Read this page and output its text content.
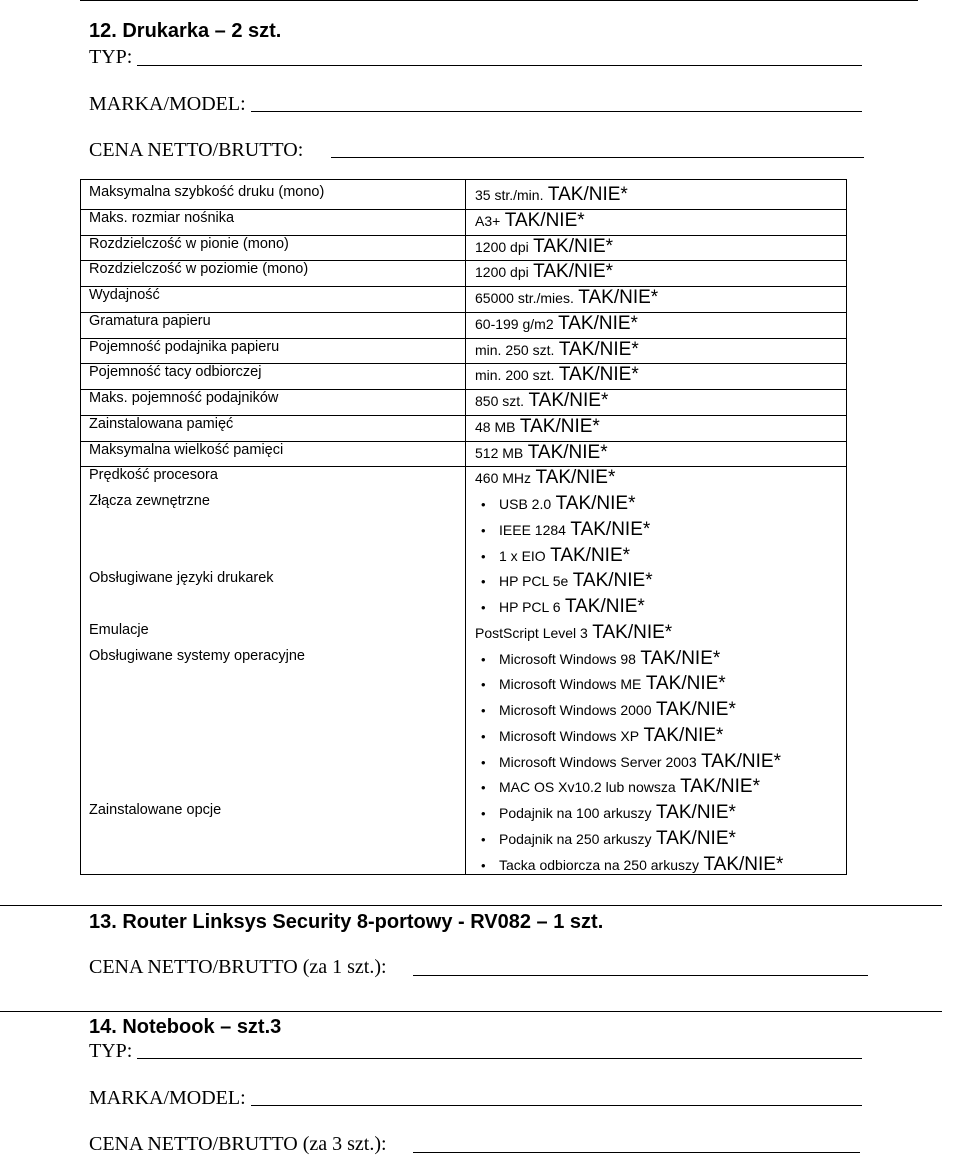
12. Drukarka – 2 szt.
TYP:
MARKA/MODEL:
CENA NETTO/BRUTTO:
Maksymalna szybkość druku (mono)	35 str./min. TAK/NIE*
Maks. rozmiar nośnika	A3+ TAK/NIE*
Rozdzielczość w pionie (mono)	1200 dpi TAK/NIE*
Rozdzielczość w poziomie (mono)	1200 dpi TAK/NIE*
Wydajność	65000 str./mies. TAK/NIE*
Gramatura papieru	60-199 g/m2 TAK/NIE*
Pojemność podajnika papieru	min. 250 szt. TAK/NIE*
Pojemność tacy odbiorczej	min. 200 szt. TAK/NIE*
Maks. pojemność podajników	850 szt. TAK/NIE*
Zainstalowana pamięć	48 MB TAK/NIE*
Maksymalna wielkość pamięci	512 MB TAK/NIE*
Prędkość procesora	460 MHz TAK/NIE*
Złącza zewnętrzne	• USB 2.0 TAK/NIE*
• IEEE 1284 TAK/NIE*
• 1 x EIO TAK/NIE*
Obsługiwane języki drukarek	• HP PCL 5e TAK/NIE*
• HP PCL 6 TAK/NIE*
Emulacje	PostScript Level 3 TAK/NIE*
Obsługiwane systemy operacyjne	• Microsoft Windows 98 TAK/NIE*
• Microsoft Windows ME TAK/NIE*
• Microsoft Windows 2000 TAK/NIE*
• Microsoft Windows XP TAK/NIE*
• Microsoft Windows Server 2003 TAK/NIE*
• MAC OS Xv10.2 lub nowsza TAK/NIE*
Zainstalowane opcje	• Podajnik na 100 arkuszy TAK/NIE*
• Podajnik na 250 arkuszy TAK/NIE*
• Tacka odbiorcza na 250 arkuszy TAK/NIE*
13. Router Linksys Security 8-portowy - RV082 – 1 szt.
CENA NETTO/BRUTTO (za 1 szt.):
14. Notebook – szt.3
TYP:
MARKA/MODEL:
CENA NETTO/BRUTTO (za 3 szt.):
